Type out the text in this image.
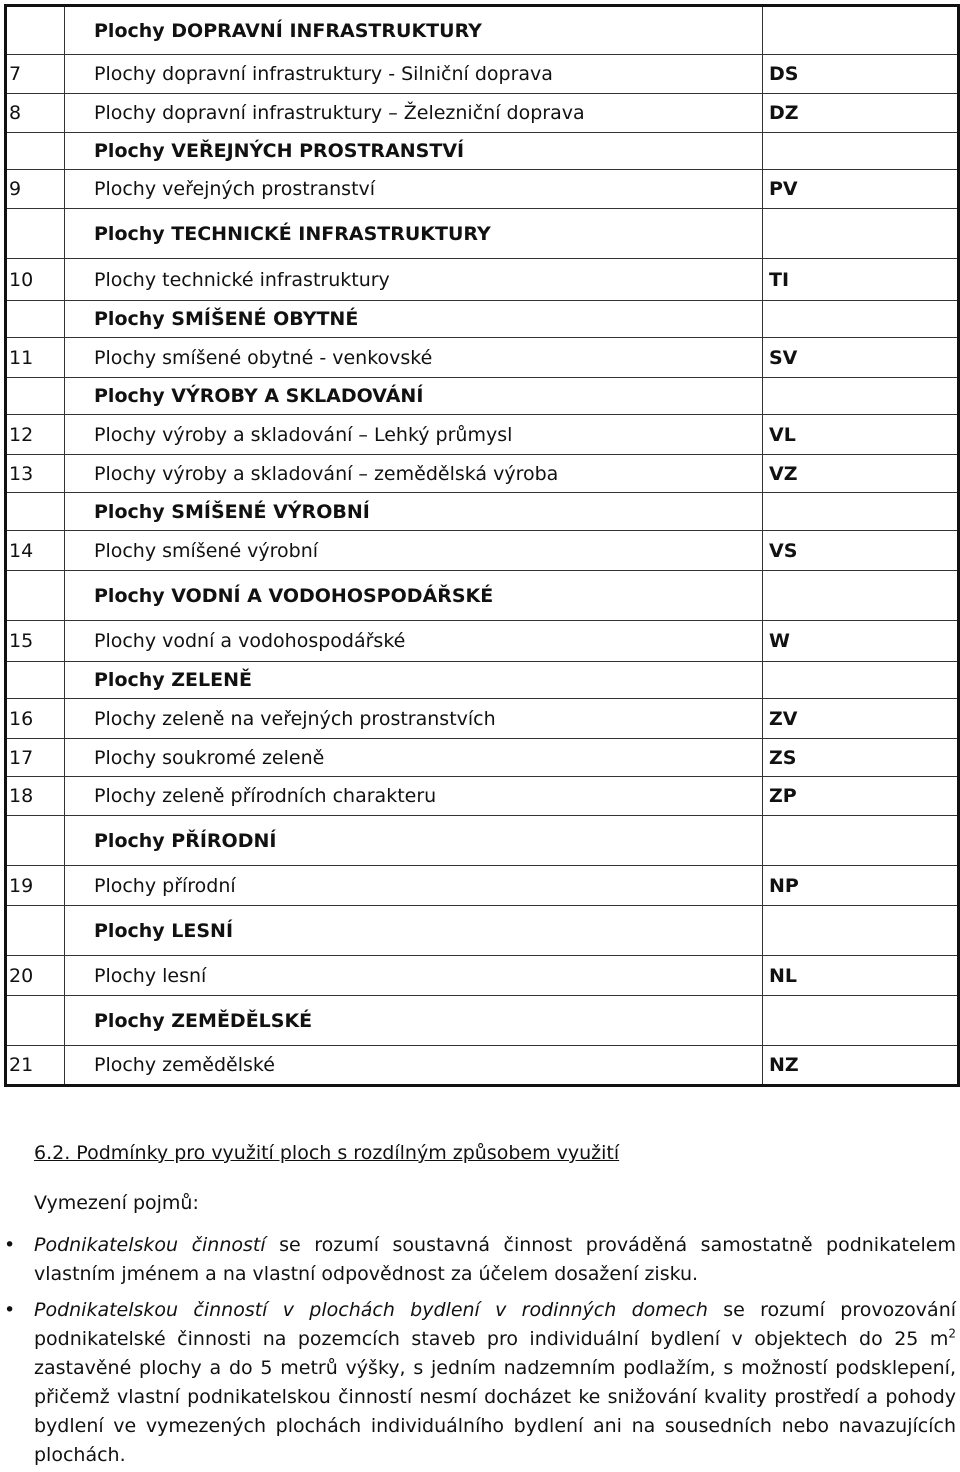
	Plochy DOPRAVNÍ INFRASTRUKTURY	
7	Plochy dopravní infrastruktury - Silniční doprava	DS
8	Plochy dopravní infrastruktury – Železniční doprava	DZ
	Plochy VEŘEJNÝCH PROSTRANSTVÍ	
9	Plochy veřejných prostranství	PV
	Plochy TECHNICKÉ INFRASTRUKTURY	
10	Plochy technické infrastruktury	TI
	Plochy SMÍŠENÉ OBYTNÉ	
11	Plochy smíšené obytné - venkovské	SV
	Plochy VÝROBY A SKLADOVÁNÍ	
12	Plochy výroby a skladování – Lehký průmysl	VL
13	Plochy výroby a skladování – zemědělská výroba	VZ
	Plochy SMÍŠENÉ VÝROBNÍ	
14	Plochy smíšené výrobní	VS
	Plochy VODNÍ A VODOHOSPODÁŘSKÉ	
15	Plochy vodní a vodohospodářské	W
	Plochy ZELENĚ	
16	Plochy zeleně na veřejných prostranstvích	ZV
17	Plochy soukromé zeleně	ZS
18	Plochy zeleně přírodních charakteru	ZP
	Plochy PŘÍRODNÍ	
19	Plochy přírodní	NP
	Plochy LESNÍ	
20	Plochy lesní	NL
	Plochy ZEMĚDĚLSKÉ	
21	Plochy zemědělské	NZ

6.2. Podmínky pro využití ploch s rozdílným způsobem využití

Vymezení pojmů:

• Podnikatelskou činností se rozumí soustavná činnost prováděná samostatně podnikatelem vlastním jménem a na vlastní odpovědnost za účelem dosažení zisku.

• Podnikatelskou činností v plochách bydlení v rodinných domech se rozumí provozování podnikatelské činnosti na pozemcích staveb pro individuální bydlení v objektech do 25 $m^2$ zastavěné plochy a do 5 metrů výšky, s jedním nadzemním podlažím, s možností podsklepení, přičemž vlastní podnikatelskou činností nesmí docházet ke snižování kvality prostředí a pohody bydlení ve vymezených plochách individuálního bydlení ani na sousedních nebo navazujících plochách.
